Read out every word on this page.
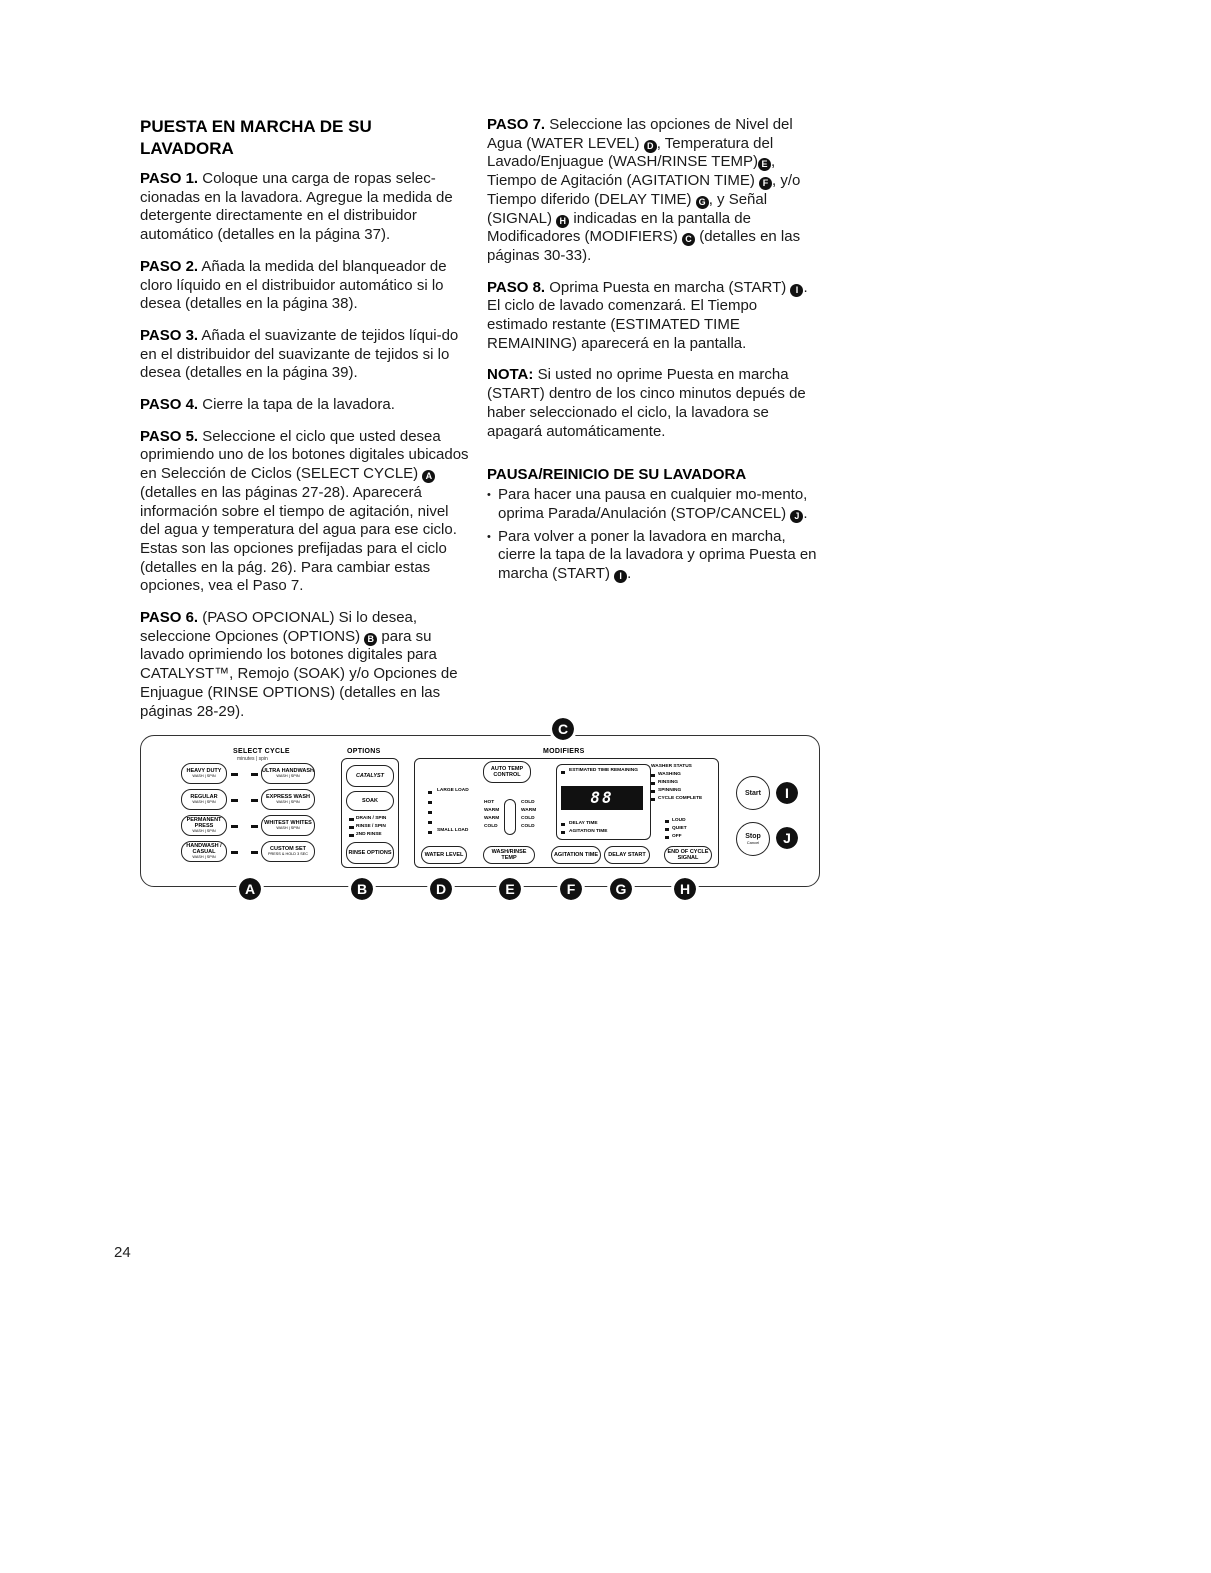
PUESTA EN MARCHA DE SU LAVADORA

PASO 1. Coloque una carga de ropas selec-cionadas en la lavadora. Agregue la medida de detergente directamente en el distribuidor automático (detalles en la página 37).

PASO 2. Añada la medida del blanqueador de cloro líquido en el distribuidor automático si lo desea (detalles en la página 38).

PASO 3. Añada el suavizante de tejidos líqui-do en el distribuidor del suavizante de tejidos si lo desea (detalles en la página 39).

PASO 4. Cierre la tapa de la lavadora.

PASO 5. Seleccione el ciclo que usted desea oprimiendo uno de los botones digitales ubicados en Selección de Ciclos (SELECT CYCLE) A (detalles en las páginas 27-28). Aparecerá información sobre el tiempo de agitación, nivel del agua y temperatura del agua para ese ciclo. Estas son las opciones prefijadas para el ciclo (detalles en la pág. 26). Para cambiar estas opciones, vea el Paso 7.

PASO 6. (PASO OPCIONAL) Si lo desea, seleccione Opciones (OPTIONS) B para su lavado oprimiendo los botones digitales para CATALYST™, Remojo (SOAK) y/o Opciones de Enjuague (RINSE OPTIONS) (detalles en las páginas 28-29).

PASO 7. Seleccione las opciones de Nivel del Agua (WATER LEVEL) D , Temperatura del Lavado/Enjuague (WASH/RINSE TEMP) E , Tiempo de Agitación (AGITATION TIME) F , y/o Tiempo diferido (DELAY TIME) G , y Señal (SIGNAL) H indicadas en la pantalla de Modificadores (MODIFIERS) C (detalles en las páginas 30-33).

PASO 8. Oprima Puesta en marcha (START) I . El ciclo de lavado comenzará. El Tiempo estimado restante (ESTIMATED TIME REMAINING) aparecerá en la pantalla.

NOTA: Si usted no oprime Puesta en marcha (START) dentro de los cinco minutos depués de haber seleccionado el ciclo, la lavadora se apagará automáticamente.

PAUSA/REINICIO DE SU LAVADORA
• Para hacer una pausa en cualquier mo-mento, oprima Parada/Anulación (STOP/CANCEL) J .
• Para volver a poner la lavadora en marcha, cierre la tapa de la lavadora y oprima Puesta en marcha (START) I .
SELECT CYCLE
minutes | spin
HEAVY DUTY
WASH | SPIN
ULTRA HANDWASH
WASH | SPIN
REGULAR
WASH | SPIN
EXPRESS WASH
WASH | SPIN
PERMANENT PRESS
WASH | SPIN
WHITEST WHITES
WASH | SPIN
HANDWASH / CASUAL
WASH | SPIN
CUSTOM SET
PRESS & HOLD 3 SEC
OPTIONS
CATALYST
SOAK
DRAIN / SPIN
RINSE / SPIN
2ND RINSE
RINSE OPTIONS
MODIFIERS
LARGE LOAD
SMALL LOAD
WATER LEVEL
AUTO TEMP CONTROL
HOT
WARM
WARM
COLD
COLD
WARM
COLD
COLD
WASH/RINSE TEMP
ESTIMATED TIME REMAINING
88
DELAY TIME
AGITATION TIME
AGITATION TIME DELAY START
WASHER STATUS
WASHING
RINSING
SPINNING
CYCLE COMPLETE
LOUD
QUIET
OFF
END OF CYCLE SIGNAL
Start
Stop
Cancel
C
I
J
A	B	D	E	F	G	H
24
